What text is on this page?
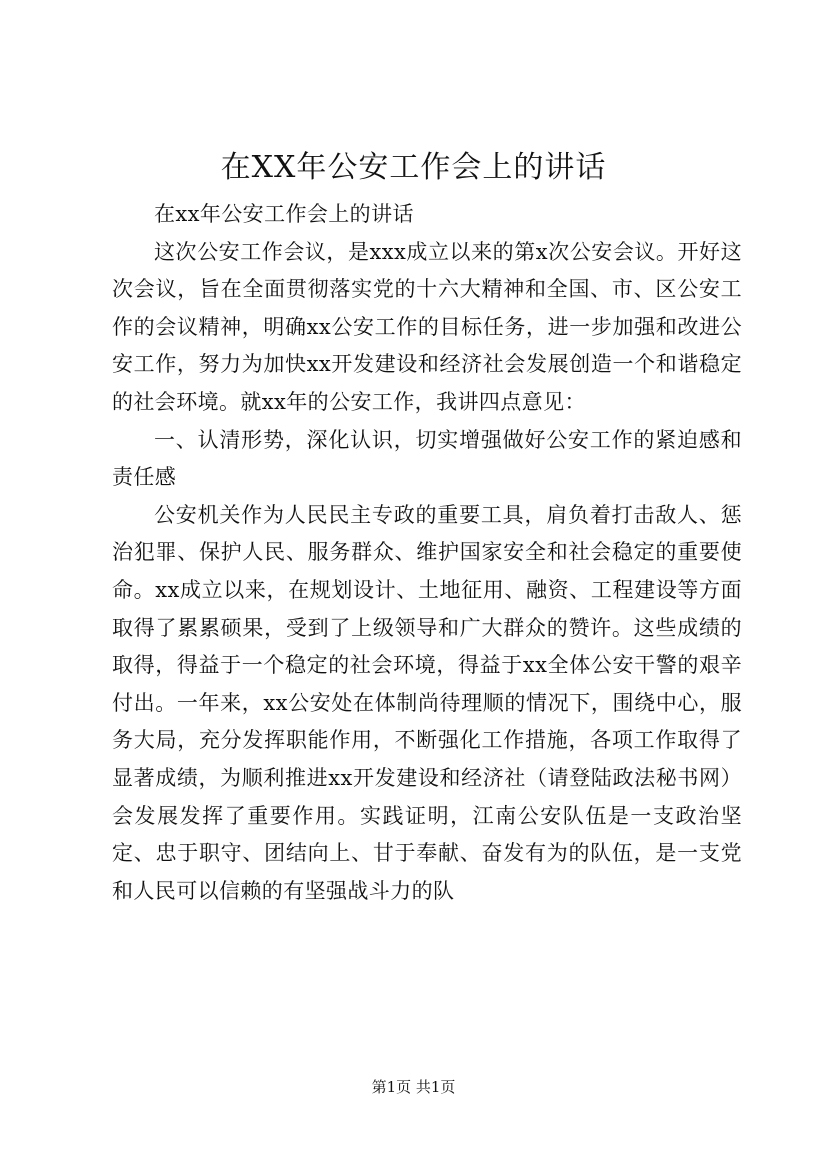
在XX年公安工作会上的讲话

在xx年公安工作会上的讲话

这次公安工作会议，是xxx成立以来的第x次公安会议。开好这次会议，旨在全面贯彻落实党的十六大精神和全国、市、区公安工作的会议精神，明确xx公安工作的目标任务，进一步加强和改进公安工作，努力为加快xx开发建设和经济社会发展创造一个和谐稳定的社会环境。就xx年的公安工作，我讲四点意见：

一、认清形势，深化认识，切实增强做好公安工作的紧迫感和责任感

公安机关作为人民民主专政的重要工具，肩负着打击敌人、惩治犯罪、保护人民、服务群众、维护国家安全和社会稳定的重要使命。xx成立以来，在规划设计、土地征用、融资、工程建设等方面取得了累累硕果，受到了上级领导和广大群众的赞许。这些成绩的取得，得益于一个稳定的社会环境，得益于xx全体公安干警的艰辛付出。一年来，xx公安处在体制尚待理顺的情况下，围绕中心，服务大局，充分发挥职能作用，不断强化工作措施，各项工作取得了显著成绩，为顺利推进xx开发建设和经济社（请登陆政法秘书网）会发展发挥了重要作用。实践证明，江南公安队伍是一支政治坚定、忠于职守、团结向上、甘于奉献、奋发有为的队伍，是一支党和人民可以信赖的有坚强战斗力的队

第1页 共1页
